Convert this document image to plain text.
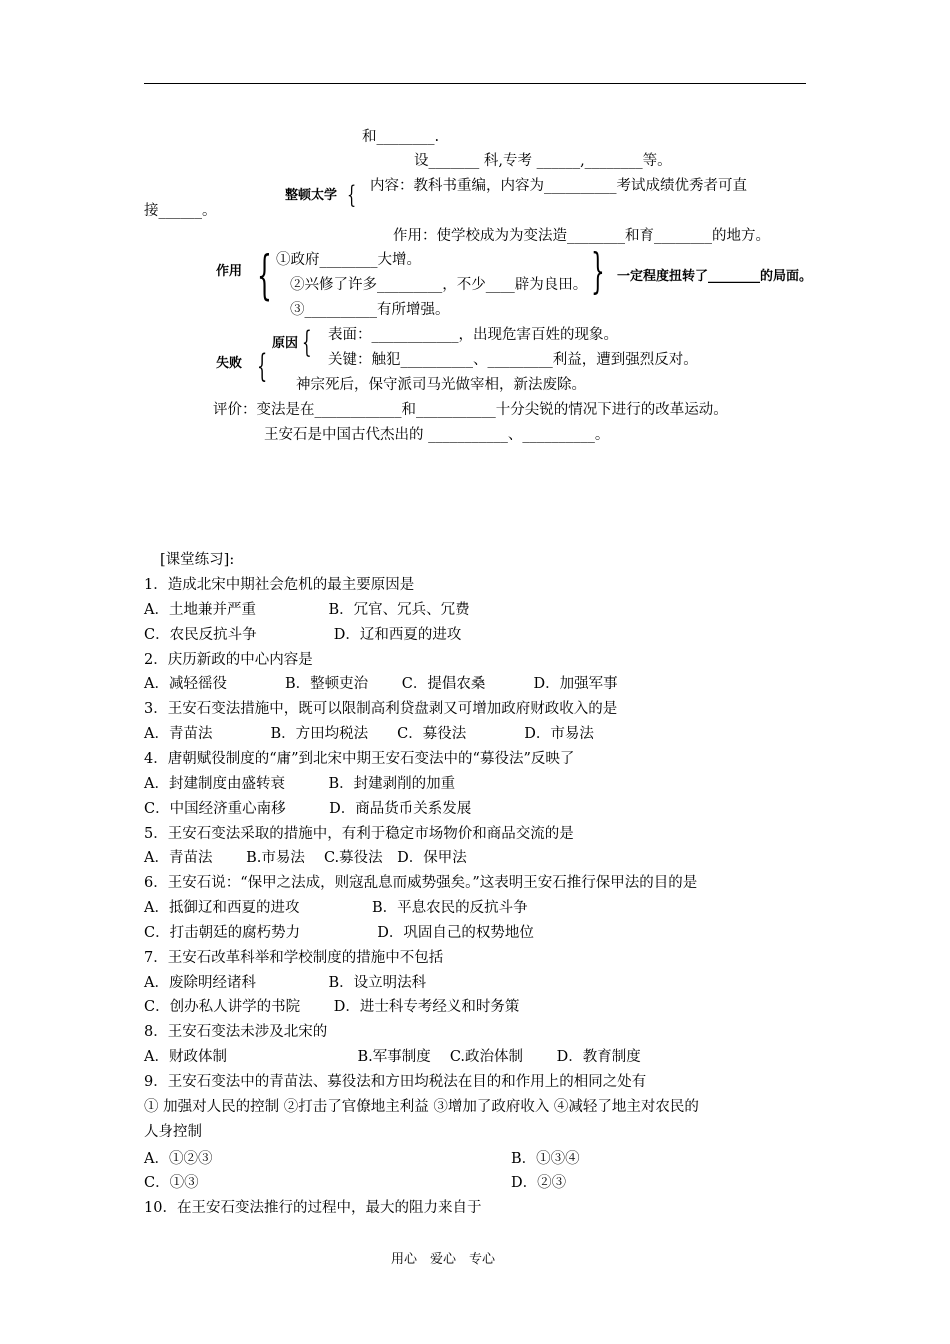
和________.
设_______ 科,专考 ______,________等。
整顿太学 { 内容：教科书重编，内容为__________考试成绩优秀者可直
接______。
作用：使学校成为为变法造________和育________的地方。
作用 { ①政府________大增。
②兴修了许多_________，不少____辟为良田。 } 一定程度扭转了________的局面。
③__________有所增强。
原因 { 表面：____________，出现危害百姓的现象。
失败 {	关键：触犯__________、_________利益，遭到强烈反对。
神宗死后，保守派司马光做宰相，新法废除。
评价：变法是在____________和___________十分尖锐的情况下进行的改革运动。
王安石是中国古代杰出的 ___________、__________。
[课堂练习]:
1．造成北宋中期社会危机的最主要原因是
A．土地兼并严重　　　　　B．冗官、冗兵、冗费
C．农民反抗斗争　　　　　 D．辽和西夏的进攻
2．庆历新政的中心内容是
A．减轻徭役　　　　B．整顿吏治　　 C．提倡农桑　　　 D．加强军事
3．王安石变法措施中，既可以限制高利贷盘剥又可增加政府财政收入的是
A．青苗法　　　　B．方田均税法　　C．募役法　　　　D．市易法
4．唐朝赋役制度的“庸”到北宋中期王安石变法中的“募役法”反映了
A．封建制度由盛转衰　　　B．封建剥削的加重
C．中国经济重心南移　　　D．商品货币关系发展
5．王安石变法采取的措施中，有利于稳定市场物价和商品交流的是
A．青苗法　　 B.市易法　 C.募役法　D．保甲法
6．王安石说：“保甲之法成，则寇乱息而威势强矣。”这表明王安石推行保甲法的目的是
A．抵御辽和西夏的进攻　　　　　B．平息农民的反抗斗争
C．打击朝廷的腐朽势力　　　　　 D．巩固自己的权势地位
7．王安石改革科举和学校制度的措施中不包括
A．废除明经诸科　　　　　B．设立明法科
C．创办私人讲学的书院　　 D．进士科专考经义和时务策
8．王安石变法未涉及北宋的
A．财政体制　　　　　　　　　B.军事制度　 C.政治体制　　 D．教育制度
9．王安石变法中的青苗法、募役法和方田均税法在目的和作用上的相同之处有
① 加强对人民的控制 ②打击了官僚地主利益 ③增加了政府收入 ④减轻了地主对农民的
人身控制
A．①②③	B．①③④
C．①③	D．②③
10．在王安石变法推行的过程中，最大的阻力来自于
用心　爱心　专心
